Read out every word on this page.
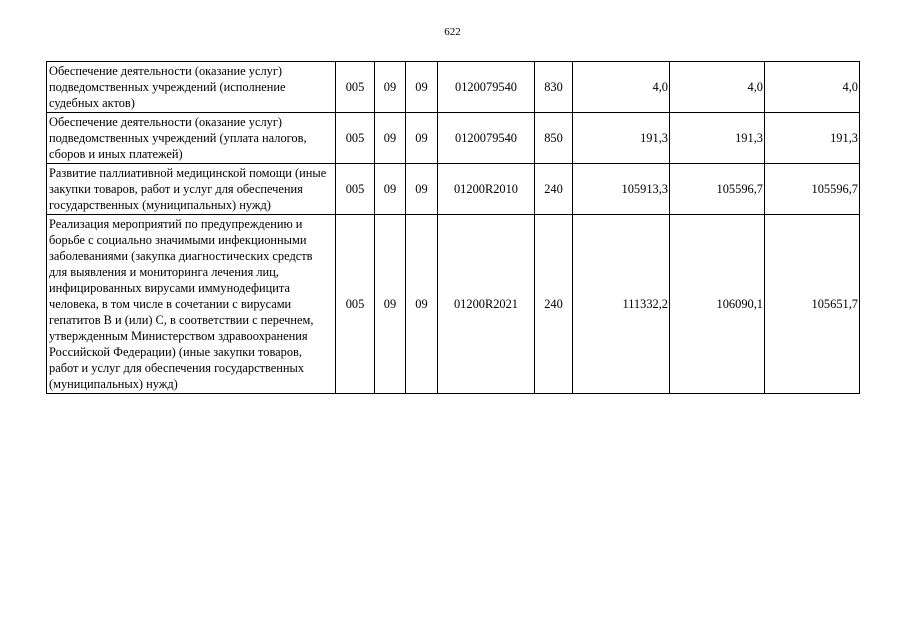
622
Обеспечение деятельности (оказание услуг) подведомственных учреждений (исполнение судебных актов)	005	09	09	0120079540	830	4,0	4,0	4,0
Обеспечение деятельности (оказание услуг) подведомственных учреждений (уплата налогов, сборов и иных платежей)	005	09	09	0120079540	850	191,3	191,3	191,3
Развитие паллиативной медицинской помощи (иные закупки товаров, работ и услуг для обеспечения государственных (муниципальных) нужд)	005	09	09	01200R2010	240	105913,3	105596,7	105596,7
Реализация мероприятий по предупреждению и борьбе с социально значимыми инфекционными заболеваниями (закупка диагностических средств для выявления и мониторинга лечения лиц, инфицированных вирусами иммунодефицита человека, в том числе в сочетании с вирусами гепатитов В и (или) С, в соответствии с перечнем, утвержденным Министерством здравоохранения Российской Федерации) (иные закупки товаров, работ и услуг для обеспечения государственных (муниципальных) нужд)	005	09	09	01200R2021	240	111332,2	106090,1	105651,7
